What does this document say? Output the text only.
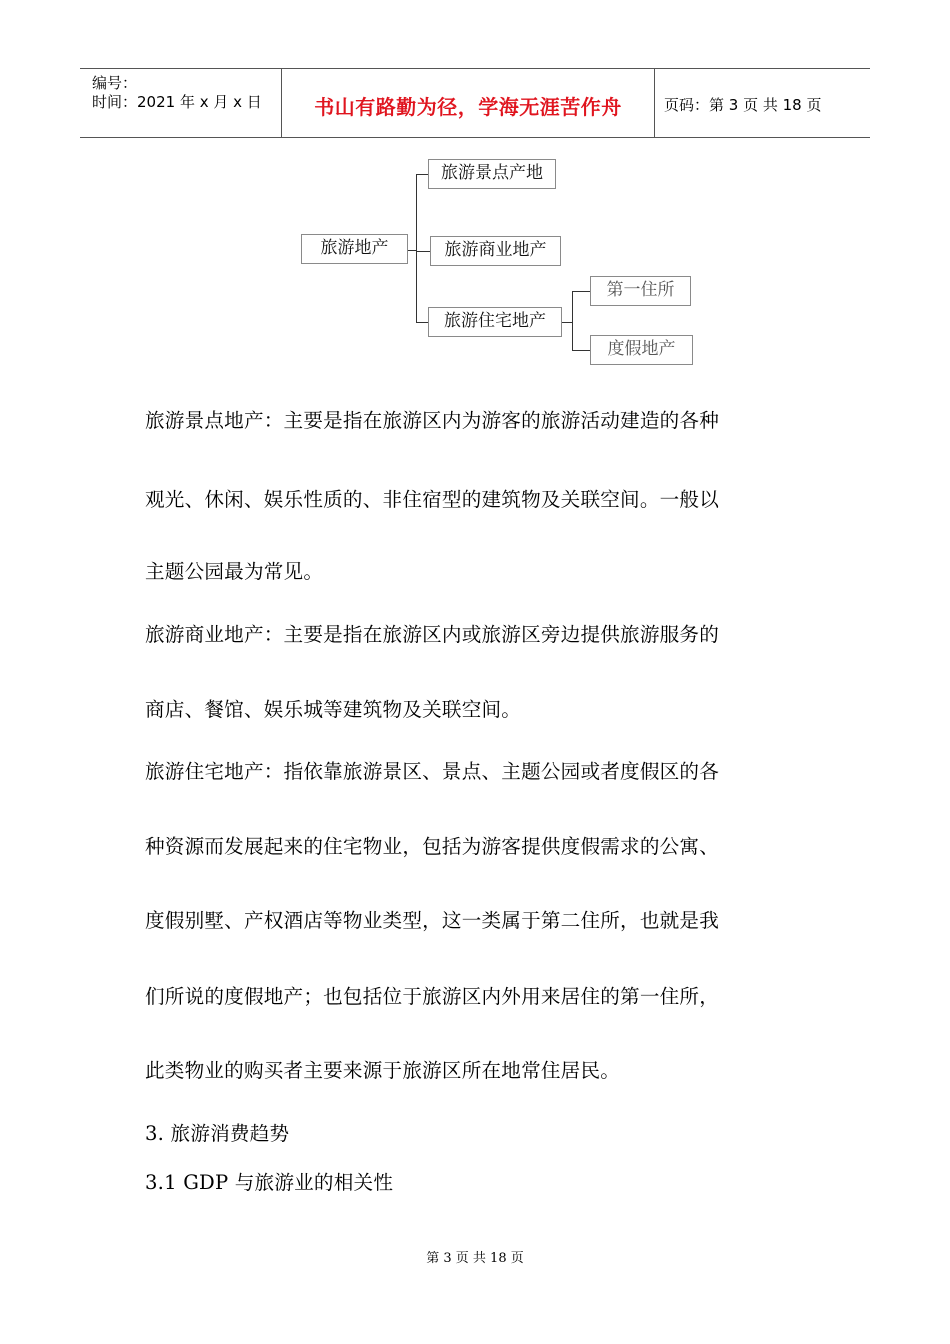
编号：
时间：2021 年 x 月 x 日	书山有路勤为径，学海无涯苦作舟	页码：第 3 页 共 18 页
旅游地产
旅游景点产地
旅游商业地产
旅游住宅地产
第一住所
度假地产
旅游景点地产：主要是指在旅游区内为游客的旅游活动建造的各种
观光、休闲、娱乐性质的、非住宿型的建筑物及关联空间。一般以
主题公园最为常见。
旅游商业地产：主要是指在旅游区内或旅游区旁边提供旅游服务的
商店、餐馆、娱乐城等建筑物及关联空间。
旅游住宅地产：指依靠旅游景区、景点、主题公园或者度假区的各
种资源而发展起来的住宅物业，包括为游客提供度假需求的公寓、
度假别墅、产权酒店等物业类型，这一类属于第二住所，也就是我
们所说的度假地产；也包括位于旅游区内外用来居住的第一住所，
此类物业的购买者主要来源于旅游区所在地常住居民。
3. 旅游消费趋势
3.1 GDP 与旅游业的相关性
第 3 页 共 18 页
